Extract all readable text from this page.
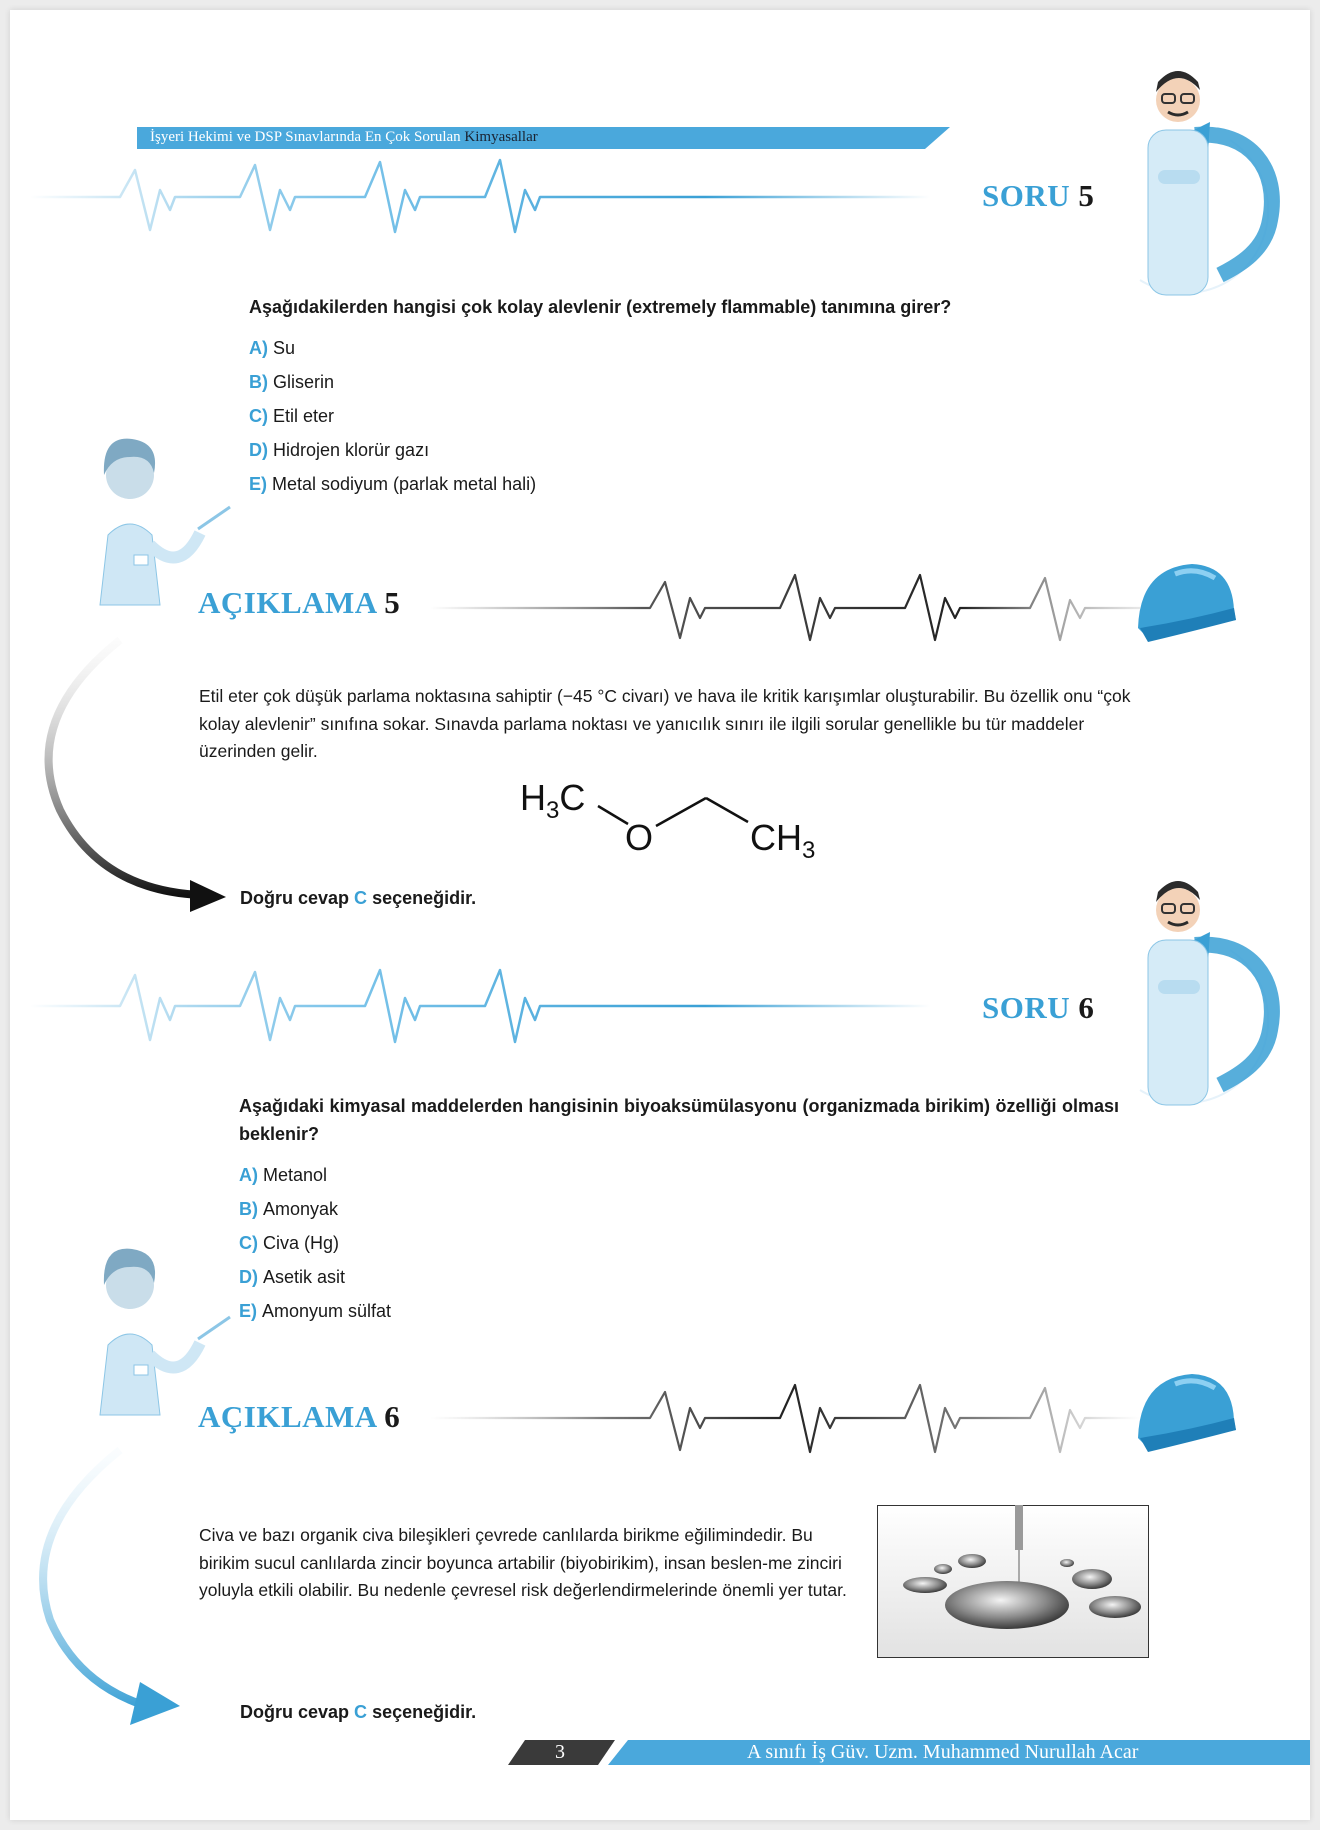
İşyeri Hekimi ve DSP Sınavlarında En Çok Sorulan Kimyasallar
SORU 5
Aşağıdakilerden hangisi çok kolay alevlenir (extremely flammable) tanımına girer?
A) Su
B) Gliserin
C) Etil eter
D) Hidrojen klorür gazı
E) Metal sodiyum (parlak metal hali)
AÇIKLAMA 5
Etil eter çok düşük parlama noktasına sahiptir (−45 °C civarı) ve hava ile kritik karışımlar oluşturabilir. Bu özellik onu “çok kolay alevlenir” sınıfına sokar. Sınavda parlama noktası ve yanıcılık sınırı ile ilgili sorular genellikle bu tür maddeler üzerinden gelir.
$H_3C$
O	$CH_3$
Doğru cevap C seçeneğidir.
SORU 6
Aşağıdaki kimyasal maddelerden hangisinin biyoaksümülasyonu (organizmada birikim) özelliği olması beklenir?
A) Metanol
B) Amonyak
C) Civa (Hg)
D) Asetik asit
E) Amonyum sülfat
AÇIKLAMA 6
Civa ve bazı organik civa bileşikleri çevrede canlılarda birikme eğilimindedir. Bu birikim sucul canlılarda zincir boyunca artabilir (biyobirikim), insan beslen-me zinciri yoluyla etkili olabilir. Bu nedenle çevresel risk değerlendirmelerinde önemli yer tutar.
Doğru cevap C seçeneğidir.
3	A sınıfı İş Güv. Uzm. Muhammed Nurullah Acar
